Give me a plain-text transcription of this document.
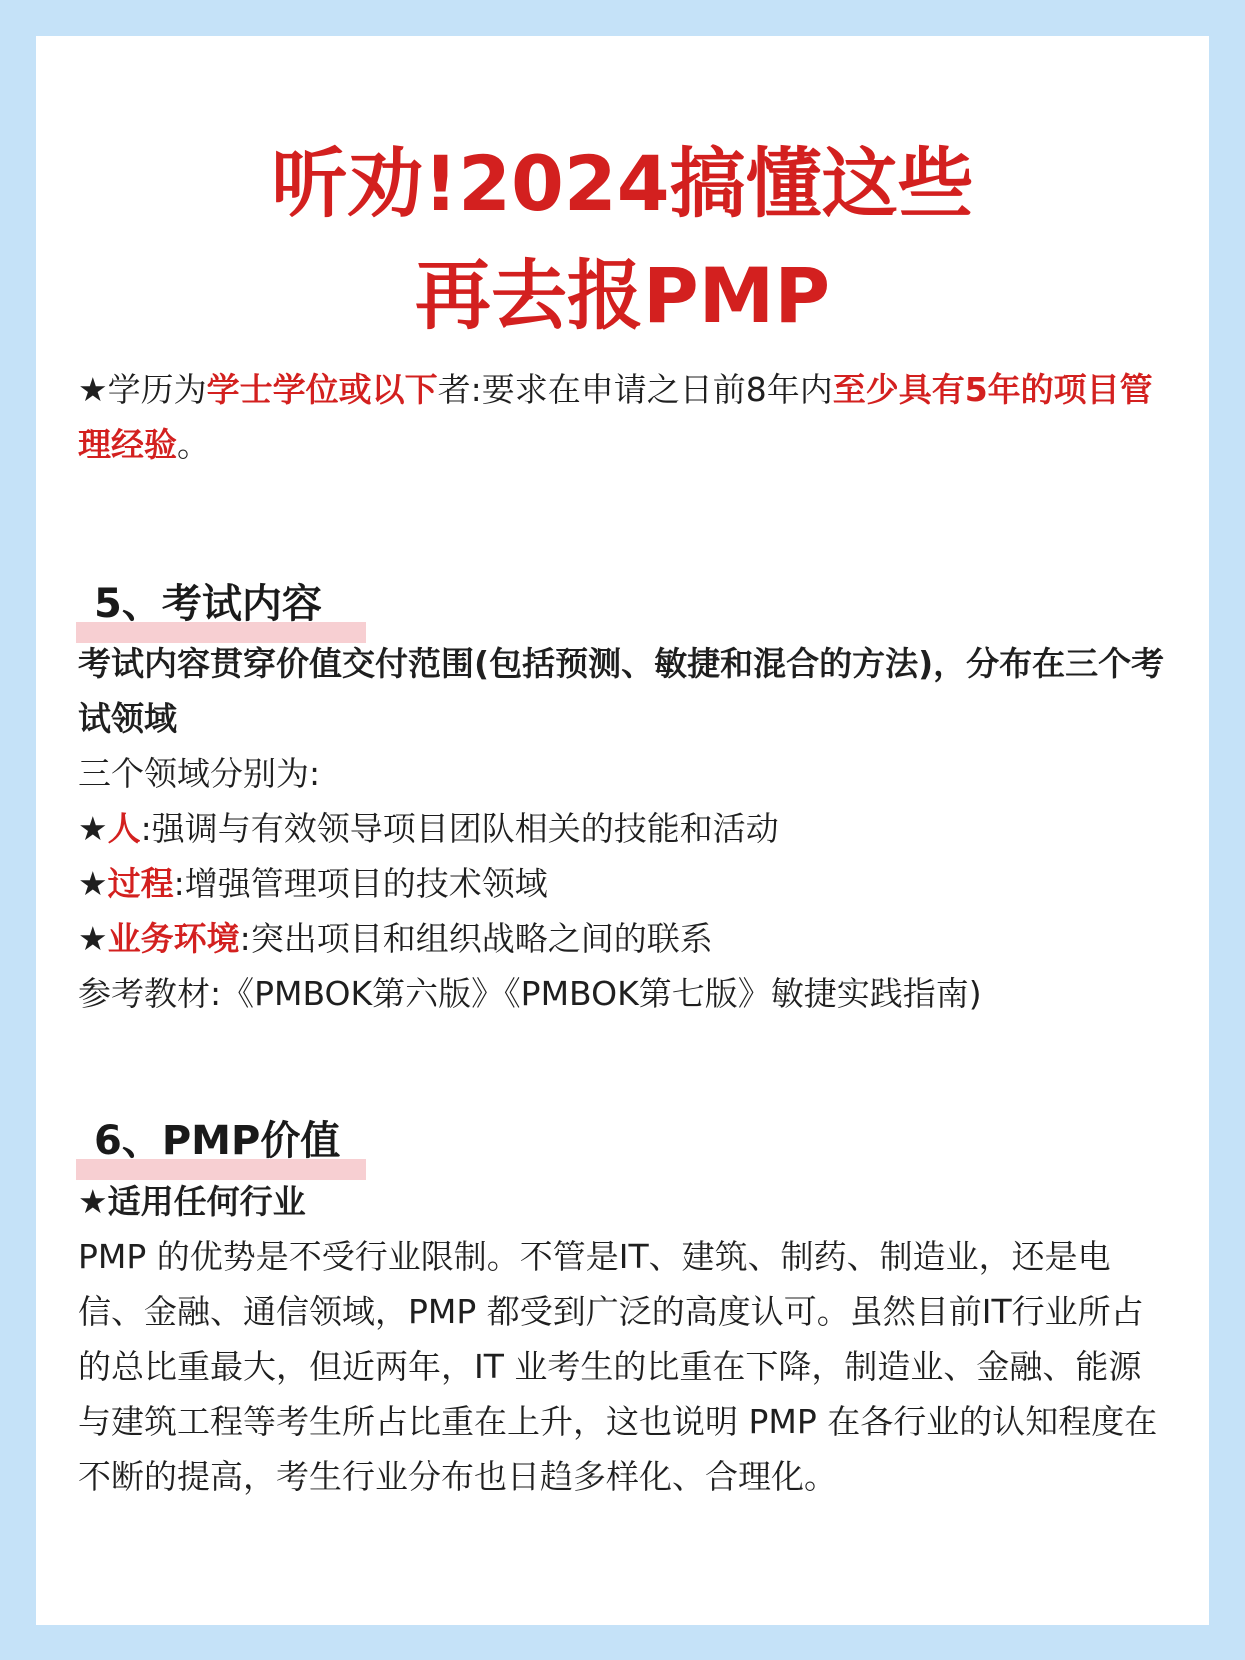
听劝!2024搞懂这些
再去报PMP
★学历为学士学位或以下者:要求在申请之日前8年内至少具有5年的项目管理经验。
5、考试内容
考试内容贯穿价值交付范围(包括预测、敏捷和混合的方法)，分布在三个考试领域
三个领域分别为:
★人:强调与有效领导项目团队相关的技能和活动
★过程:增强管理项目的技术领域
★业务环境:突出项目和组织战略之间的联系
参考教材:《PMBOK第六版》《PMBOK第七版》敏捷实践指南)
6、PMP价值
★适用任何行业
PMP 的优势是不受行业限制。不管是IT、建筑、制药、制造业，还是电信、金融、通信领域，PMP 都受到广泛的高度认可。虽然目前IT行业所占的总比重最大，但近两年，IT 业考生的比重在下降，制造业、金融、能源与建筑工程等考生所占比重在上升，这也说明 PMP 在各行业的认知程度在不断的提高，考生行业分布也日趋多样化、合理化。
